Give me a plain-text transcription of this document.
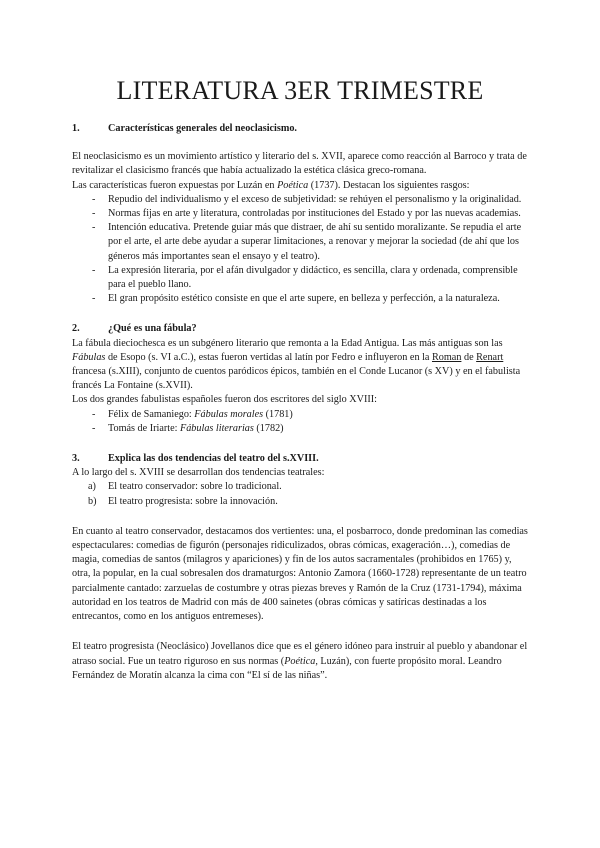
LITERATURA 3ER TRIMESTRE
1.	Características generales del neoclasicismo.

El neoclasicismo es un movimiento artístico y literario del s. XVII, aparece como reacción al Barroco y trata de revitalizar el clasicismo francés que había actualizado la estética clásica greco-romana.

Las características fueron expuestas por Luzán en Poética (1737). Destacan los siguientes rasgos:

- Repudio del individualismo y el exceso de subjetividad: se rehúyen el personalismo y la originalidad.
- Normas fijas en arte y literatura, controladas por instituciones del Estado y por las nuevas academias.
- Intención educativa. Pretende guiar más que distraer, de ahí su sentido moralizante. Se repudia el arte por el arte, el arte debe ayudar a superar limitaciones, a renovar y mejorar la sociedad (de ahí que los géneros más importantes sean el ensayo y el teatro).
- La expresión literaria, por el afán divulgador y didáctico, es sencilla, clara y ordenada, comprensible para el pueblo llano.
- El gran propósito estético consiste en que el arte supere, en belleza y perfección, a la naturaleza.
2.	¿Qué es una fábula?

La fábula dieciochesca es un subgénero literario que remonta a la Edad Antigua. Las más antiguas son las Fábulas de Esopo (s. VI a.C.), estas fueron vertidas al latín por Fedro e influyeron en la Roman de Renart francesa (s.XIII), conjunto de cuentos paródicos épicos, también en el Conde Lucanor (s XV) y en el fabulista francés La Fontaine (s.XVII).

Los dos grandes fabulistas españoles fueron dos escritores del siglo XVIII:

- Félix de Samaniego: Fábulas morales (1781)
- Tomás de Iriarte: Fábulas literarias (1782)
3.	Explica las dos tendencias del teatro del s.XVIII.

A lo largo del s. XVIII se desarrollan dos tendencias teatrales:

a) El teatro conservador: sobre lo tradicional.
b) El teatro progresista: sobre la innovación.

En cuanto al teatro conservador, destacamos dos vertientes: una, el posbarroco, donde predominan las comedias espectaculares: comedias de figurón (personajes ridiculizados, obras cómicas, exageración…), comedias de magia, comedias de santos (milagros y apariciones) y fin de los autos sacramentales (prohibidos en 1765) y, otra, la popular, en la cual sobresalen dos dramaturgos: Antonio Zamora (1660-1728) representante de un teatro parcialmente cantado: zarzuelas de costumbre y otras piezas breves y Ramón de la Cruz (1731-1794), máxima autoridad en los teatros de Madrid con más de 400 sainetes (obras cómicas y satíricas destinadas a los entrecantos, como en los antiguos entremeses).

El teatro progresista (Neoclásico) Jovellanos dice que es el género idóneo para instruir al pueblo y abandonar el atraso social. Fue un teatro riguroso en sus normas (Poética, Luzán), con fuerte propósito moral. Leandro Fernández de Moratín alcanza la cima con “El sí de las niñas”.
